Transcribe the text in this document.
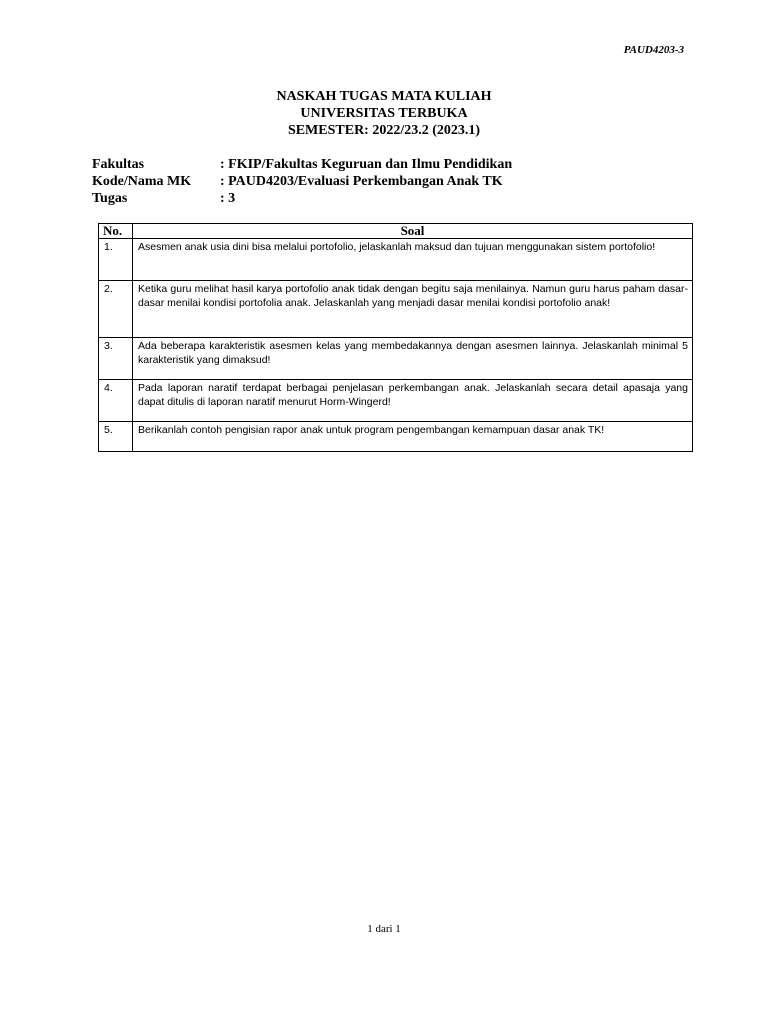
PAUD4203-3
NASKAH TUGAS MATA KULIAH
UNIVERSITAS TERBUKA
SEMESTER: 2022/23.2 (2023.1)
Fakultas	: FKIP/Fakultas Keguruan dan Ilmu Pendidikan
Kode/Nama MK	: PAUD4203/Evaluasi Perkembangan Anak TK
Tugas	: 3
No.	Soal
1.	Asesmen anak usia dini bisa melalui portofolio, jelaskanlah maksud dan tujuan menggunakan sistem portofolio!
2.	Ketika guru melihat hasil karya portofolio anak tidak dengan begitu saja menilainya. Namun guru harus paham dasar-dasar menilai kondisi portofolia anak. Jelaskanlah yang menjadi dasar menilai kondisi portofolio anak!
3.	Ada beberapa karakteristik asesmen kelas yang membedakannya dengan asesmen lainnya. Jelaskanlah minimal 5 karakteristik yang dimaksud!
4.	Pada laporan naratif terdapat berbagai penjelasan perkembangan anak. Jelaskanlah secara detail apasaja yang dapat ditulis di laporan naratif menurut Horm-Wingerd!
5.	Berikanlah contoh pengisian rapor anak untuk program pengembangan kemampuan dasar anak TK!
1 dari 1
